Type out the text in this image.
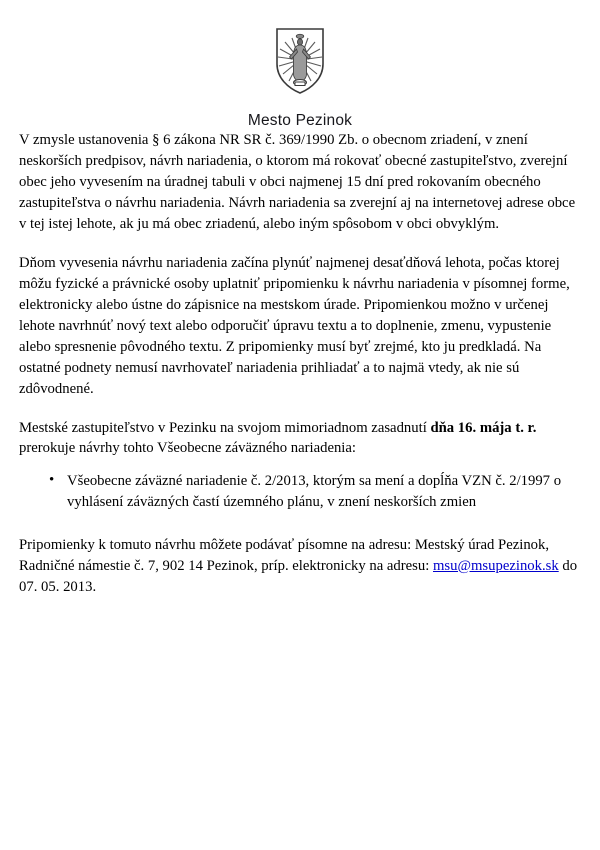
Mesto Pezinok

V zmysle ustanovenia § 6 zákona NR SR č. 369/1990 Zb. o obecnom zriadení, v znení neskorších predpisov, návrh nariadenia, o ktorom má rokovať obecné zastupiteľstvo, zverejní obec jeho vyvesením na úradnej tabuli v obci najmenej 15 dní pred rokovaním obecného zastupiteľstva o návrhu nariadenia. Návrh nariadenia sa zverejní aj na internetovej adrese obce v tej istej lehote, ak ju má obec zriadenú, alebo iným spôsobom v obci obvyklým.

Dňom vyvesenia návrhu nariadenia začína plynúť najmenej desaťdňová lehota, počas ktorej môžu fyzické a právnické osoby uplatniť pripomienku k návrhu nariadenia v písomnej forme, elektronicky alebo ústne do zápisnice na mestskom úrade. Pripomienkou možno v určenej lehote navrhnúť nový text alebo odporučiť úpravu textu a to doplnenie, zmenu, vypustenie alebo spresnenie pôvodného textu. Z pripomienky musí byť zrejmé, kto ju predkladá. Na ostatné podnety nemusí navrhovateľ nariadenia prihliadať a to najmä vtedy, ak nie sú zdôvodnené.

Mestské zastupiteľstvo v Pezinku na svojom mimoriadnom zasadnutí dňa 16. mája t. r. prerokuje návrhy tohto Všeobecne záväzného nariadenia:

• Všeobecne záväzné nariadenie č. 2/2013, ktorým sa mení a dopĺňa VZN č. 2/1997 o vyhlásení záväzných častí územného plánu, v znení neskorších zmien

Pripomienky k tomuto návrhu môžete podávať písomne na adresu: Mestský úrad Pezinok, Radničné námestie č. 7, 902 14 Pezinok, príp. elektronicky na adresu: msu@msupezinok.sk do 07. 05. 2013.
